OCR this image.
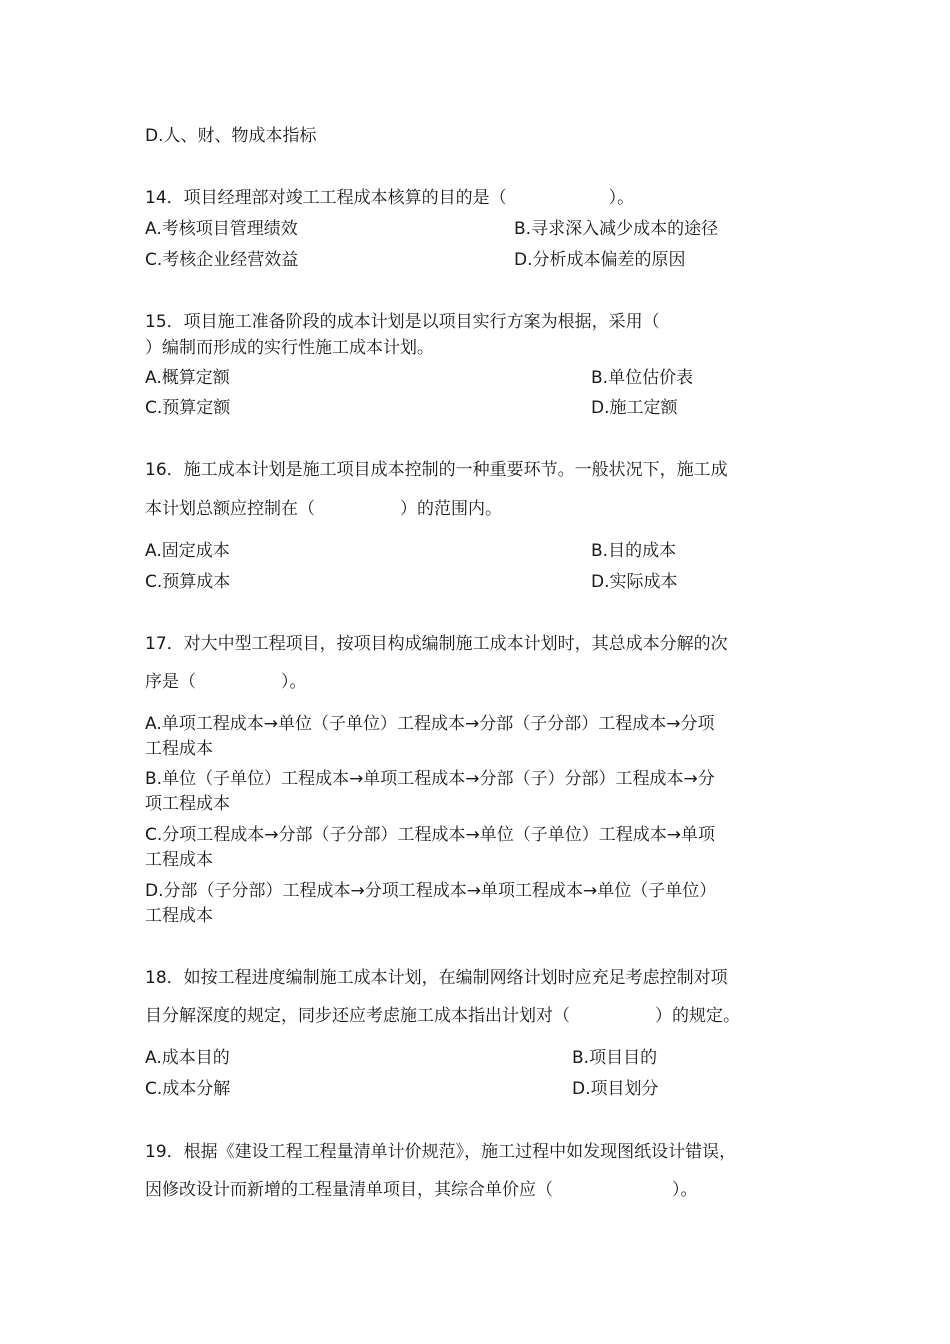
D.人、财、物成本指标
14．项目经理部对竣工工程成本核算的目的是（　　　　　　）。
A.考核项目管理绩效	B.寻求深入减少成本的途径
C.考核企业经营效益	D.分析成本偏差的原因
15．项目施工准备阶段的成本计划是以项目实行方案为根据，采用（
）编制而形成的实行性施工成本计划。
A.概算定额	B.单位估价表
C.预算定额	D.施工定额
16．施工成本计划是施工项目成本控制的一种重要环节。一般状况下，施工成
本计划总额应控制在（　　　　　）的范围内。
A.固定成本	B.目的成本
C.预算成本	D.实际成本
17．对大中型工程项目，按项目构成编制施工成本计划时，其总成本分解的次
序是（　　　　　）。
A.单项工程成本→单位（子单位）工程成本→分部（子分部）工程成本→分项
工程成本
B.单位（子单位）工程成本→单项工程成本→分部（子）分部）工程成本→分
项工程成本
C.分项工程成本→分部（子分部）工程成本→单位（子单位）工程成本→单项
工程成本
D.分部（子分部）工程成本→分项工程成本→单项工程成本→单位（子单位）
工程成本
18．如按工程进度编制施工成本计划，在编制网络计划时应充足考虑控制对项
目分解深度的规定，同步还应考虑施工成本指出计划对（　　　　　）的规定。
A.成本目的	B.项目目的
C.成本分解	D.项目划分
19．根据《建设工程工程量清单计价规范》，施工过程中如发现图纸设计错误，
因修改设计而新增的工程量清单项目，其综合单价应（　　　　　　　）。
